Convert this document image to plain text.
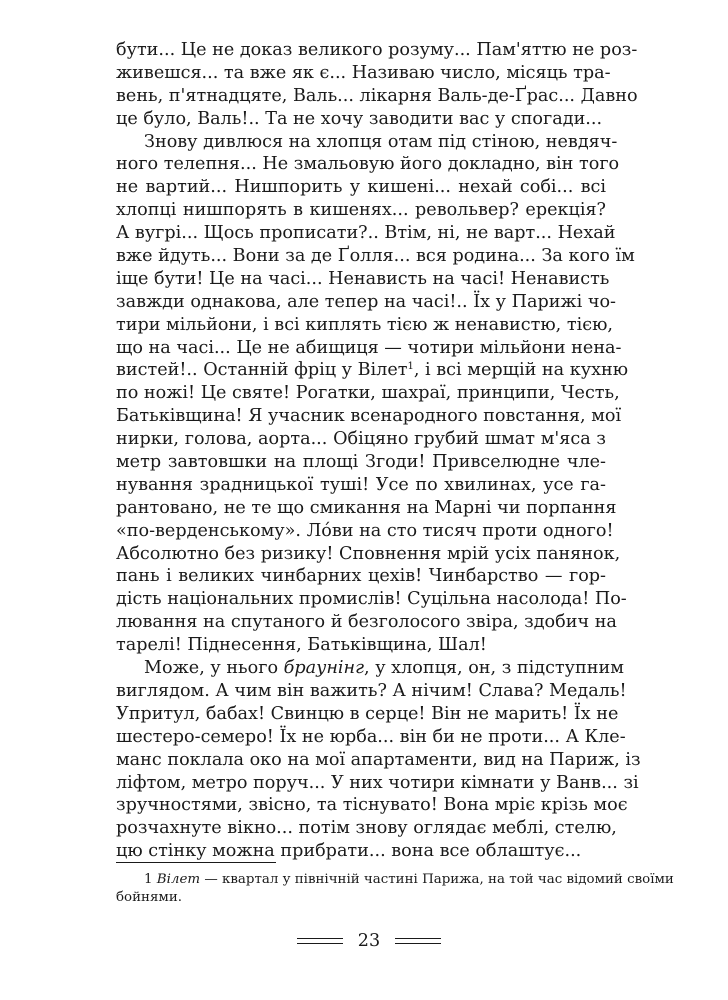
бути... Це не доказ великого розуму... Пам'яттю не роз-
живешся... та вже як є... Називаю число, місяць тра-
вень, п'ятнадцяте, Валь... лікарня Валь-де-Ґрас... Давно
це було, Валь!.. Та не хочу заводити вас у спогади...
Знову дивлюся на хлопця отам під стіною, невдяч-
ного телепня... Не змальовую його докладно, він того
не вартий... Нишпорить у кишені... нехай собі... всі
хлопці нишпорять в кишенях... револьвер? ерекція?
А вугрі... Щось прописати?.. Втім, ні, не варт... Нехай
вже йдуть... Вони за де Ґолля... вся родина... За кого їм
іще бути! Це на часі... Ненависть на часі! Ненависть
завжди однакова, але тепер на часі!.. Їх у Парижі чо-
тири мільйони, і всі киплять тією ж ненавистю, тією,
що на часі... Це не абищиця — чотири мільйони нена-
вистей!.. Останній фріц у Вілет$^1$, і всі мерщій на кухню
по ножі! Це святе! Рогатки, шахраї, принципи, Честь,
Батьківщина! Я учасник всенародного повстання, мої
нирки, голова, аорта... Обіцяно грубий шмат м'яса з
метр завтовшки на площі Згоди! Привселюдне чле-
нування зрадницької туші! Усе по хвилинах, усе га-
рантовано, не те що смикання на Марні чи порпання
«по-верденському». Лóви на сто тисяч проти одного!
Абсолютно без ризику! Сповнення мрій усіх панянок,
пань і великих чинбарних цехів! Чинбарство — гор-
дість національних промислів! Суцільна насолода! По-
лювання на спутаного й безголосого звіра, здобич на
тарелі! Піднесення, Батьківщина, Шал!
Може, у нього браунінг, у хлопця, он, з підступним
виглядом. А чим він важить? А нічим! Слава? Медаль!
Упритул, бабах! Свинцю в серце! Він не марить! Їх не
шестеро-семеро! Їх не юрба... він би не проти... А Кле-
манс поклала око на мої апартаменти, вид на Париж, із
ліфтом, метро поруч... У них чотири кімнати у Ванв... зі
зручностями, звісно, та тіснувато! Вона мріє крізь моє
розчахнуте вікно... потім знову оглядає меблі, стелю,
цю стінку можна прибрати... вона все облаштує...
1 Вілет — квартал у північній частині Парижа, на той час відомий своїми
бойнями.
23
